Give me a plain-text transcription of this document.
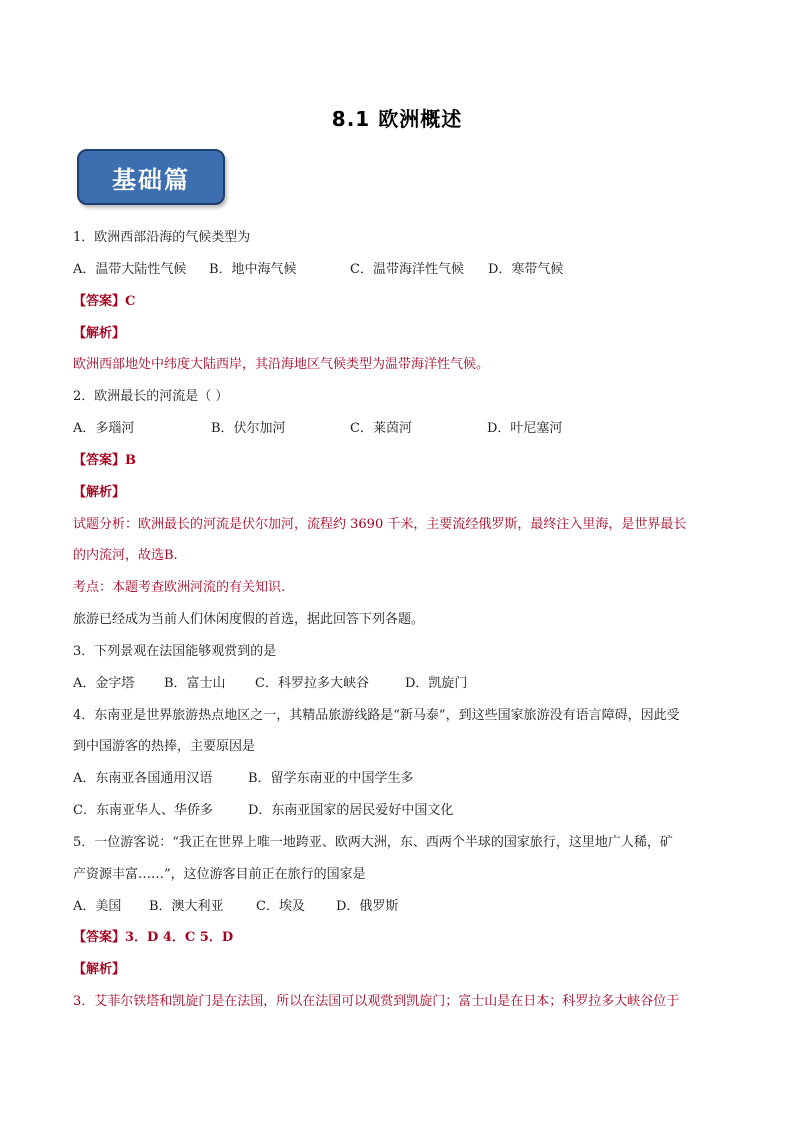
8.1 欧洲概述
基础篇
1．欧洲西部沿海的气候类型为
A．温带大陆性气候 B．地中海气候	C．温带海洋性气候 D．寒带气候
【答案】C
【解析】
欧洲西部地处中纬度大陆西岸，其沿海地区气候类型为温带海洋性气候。
2．欧洲最长的河流是（ ）
A．多瑙河	B．伏尔加河	C．莱茵河	D．叶尼塞河
【答案】B
【解析】
试题分析：欧洲最长的河流是伏尔加河，流程约 3690 千米，主要流经俄罗斯，最终注入里海，是世界最长
的内流河，故选B.
考点：本题考查欧洲河流的有关知识.
旅游已经成为当前人们休闲度假的首选，据此回答下列各题。
3．下列景观在法国能够观赏到的是
A．金字塔 B．富士山 C．科罗拉多大峡谷	D．凯旋门
4．东南亚是世界旅游热点地区之一，其精品旅游线路是“新马泰”，到这些国家旅游没有语言障碍，因此受
到中国游客的热捧，主要原因是
A．东南亚各国通用汉语	B．留学东南亚的中国学生多
C．东南亚华人、华侨多	D．东南亚国家的居民爱好中国文化
5．一位游客说：“我正在世界上唯一地跨亚、欧两大洲，东、西两个半球的国家旅行，这里地广人稀，矿
产资源丰富……”，这位游客目前正在旅行的国家是
A．美国 B．澳大利亚 C．埃及 D．俄罗斯
【答案】3．D 4．C 5．D
【解析】
3．艾菲尔铁塔和凯旋门是在法国，所以在法国可以观赏到凯旋门；富士山是在日本；科罗拉多大峡谷位于
